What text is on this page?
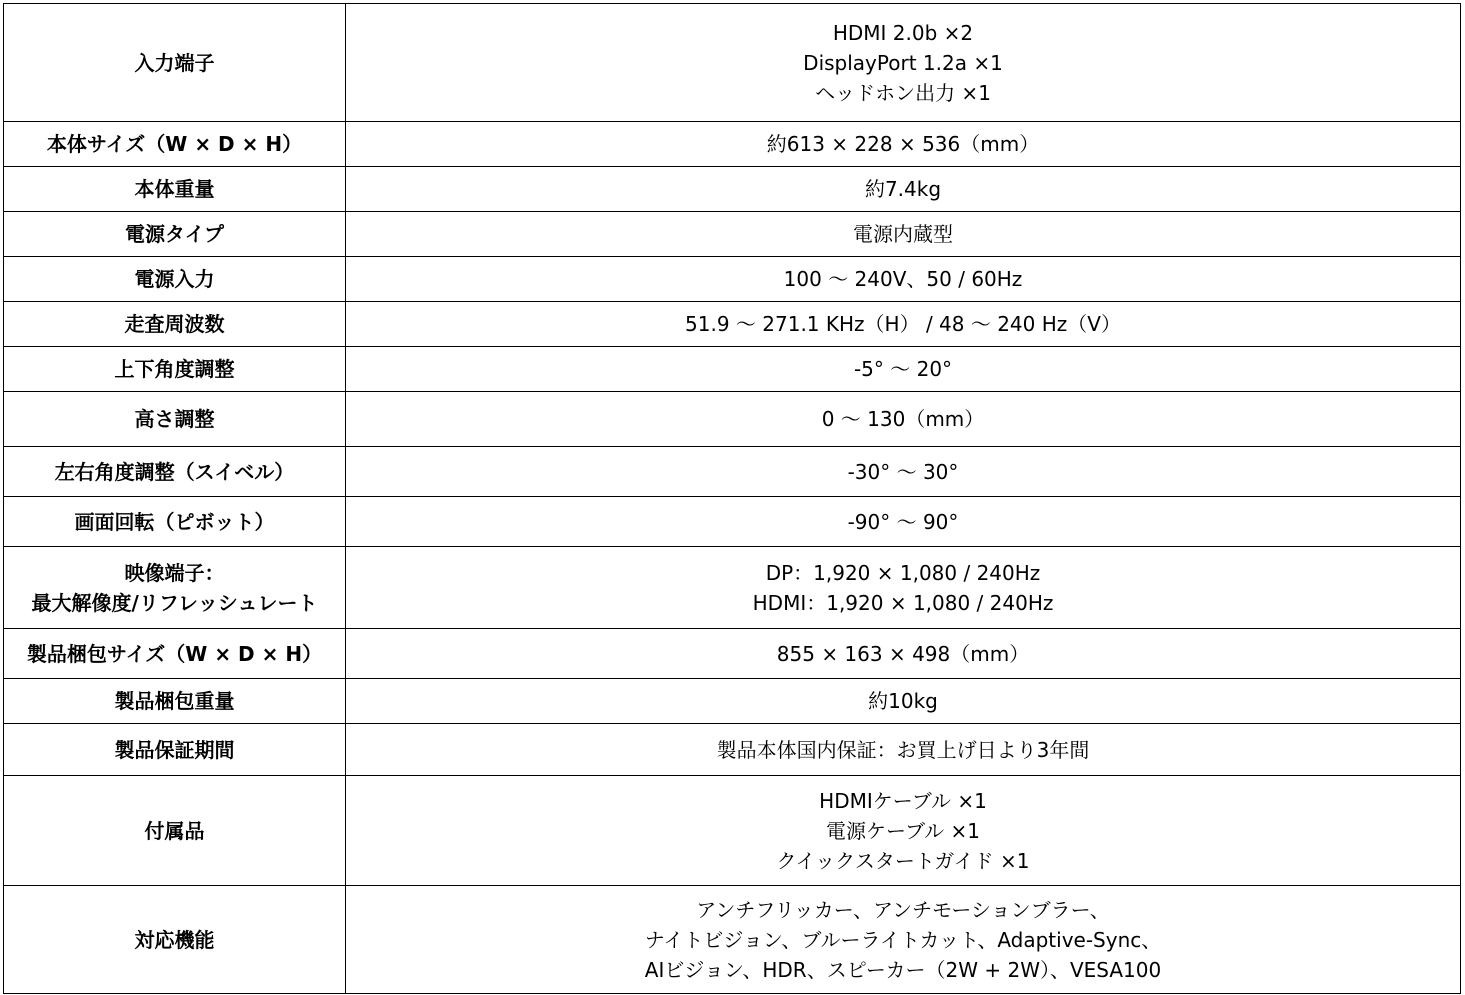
入力端子	HDMI 2.0b ×2
DisplayPort 1.2a ×1
ヘッドホン出力 ×1

本体サイズ（W × D × H）	約613 × 228 × 536（mm）

本体重量	約7.4kg

電源タイプ	電源内蔵型

電源入力	100 ～ 240V、50 / 60Hz

走査周波数	51.9 ～ 271.1 KHz（H） / 48 ～ 240 Hz（V）

上下角度調整	-5° ～ 20°

高さ調整	0 ～ 130（mm）

左右角度調整（スイベル）	-30° ～ 30°

画面回転（ピボット）	-90° ～ 90°

映像端子：
最大解像度/リフレッシュレート	DP：1,920 × 1,080 / 240Hz
HDMI：1,920 × 1,080 / 240Hz

製品梱包サイズ（W × D × H）	855 × 163 × 498（mm）

製品梱包重量	約10kg

製品保証期間	製品本体国内保証：お買上げ日より3年間

付属品	HDMIケーブル ×1
電源ケーブル ×1
クイックスタートガイド ×1

対応機能	アンチフリッカー、アンチモーションブラー、
ナイトビジョン、ブルーライトカット、Adaptive-Sync、
AIビジョン、HDR、スピーカー（2W + 2W）、VESA100
